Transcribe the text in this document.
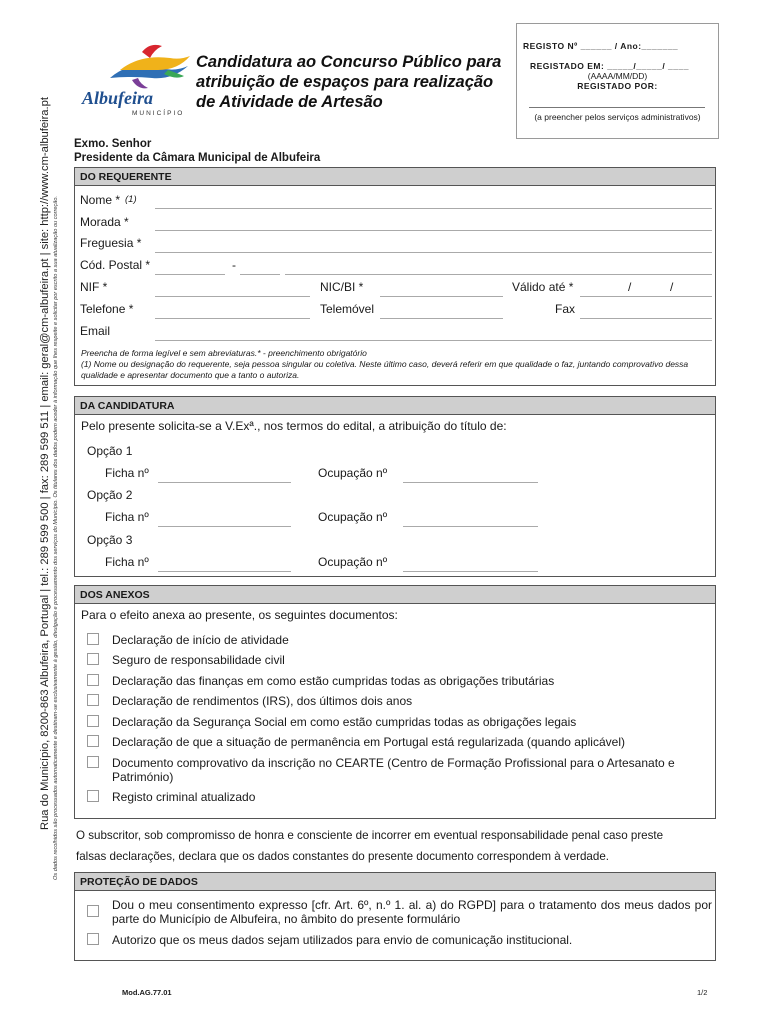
Rua do Município, 8200-863 Albufeira, Portugal | tel.: 289 599 500 | fax: 289 599 511 | email: geral@cm-albufeira.pt | site: http://www.cm-albufeira.pt Os dados recolhidos são processados automaticamente e destinam-se exclusivamente à gestão, divulgação e processamento dos serviços do Município. Os titulares dos dados podem aceder à informação que lhes respeite e solicitar por escrito a sua atualização ou correção.
Albufeira
MUNICÍPIO
Candidatura ao Concurso Público para atribuição de espaços para realização de Atividade de Artesão
REGISTO Nº ______ / Ano:_______
REGISTADO EM: _____/_____/ ____
(AAAA/MM/DD)
REGISTADO POR:
(a preencher pelos serviços administrativos)
Exmo. Senhor
Presidente da Câmara Municipal de Albufeira
DO REQUERENTE
Nome * (1)
Morada *
Freguesia *
Cód. Postal *	-
NIF *	NIC/BI *	Válido até *	/	/
Telefone *	Telemóvel	Fax
Email
Preencha de forma legível e sem abreviaturas.* - preenchimento obrigatório
(1) Nome ou designação do requerente, seja pessoa singular ou coletiva. Neste último caso, deverá referir em que qualidade o faz, juntando comprovativo dessa qualidade e apresentar documento que a tanto o autoriza.
DA CANDIDATURA
Pelo presente solicita-se a V.Exª., nos termos do edital, a atribuição do título de:
Opção 1
Ficha nº	Ocupação nº
Opção 2
Ficha nº	Ocupação nº
Opção 3
Ficha nº	Ocupação nº
DOS ANEXOS
Para o efeito anexa ao presente, os seguintes documentos:
Declaração de início de atividade
Seguro de responsabilidade civil
Declaração das finanças em como estão cumpridas todas as obrigações tributárias
Declaração de rendimentos (IRS), dos últimos dois anos
Declaração da Segurança Social em como estão cumpridas todas as obrigações legais
Declaração de que a situação de permanência em Portugal está regularizada (quando aplicável)
Documento comprovativo da inscrição no CEARTE (Centro de Formação Profissional para o Artesanato e Património)
Registo criminal atualizado
O subscritor, sob compromisso de honra e consciente de incorrer em eventual responsabilidade penal caso preste
falsas declarações, declara que os dados constantes do presente documento correspondem à verdade.
PROTEÇÃO DE DADOS
Dou o meu consentimento expresso [cfr. Art. 6º, n.º 1. al. a) do RGPD] para o tratamento dos meus dados por parte do Município de Albufeira, no âmbito do presente formulário
Autorizo que os meus dados sejam utilizados para envio de comunicação institucional.
Mod.AG.77.01	1/2
